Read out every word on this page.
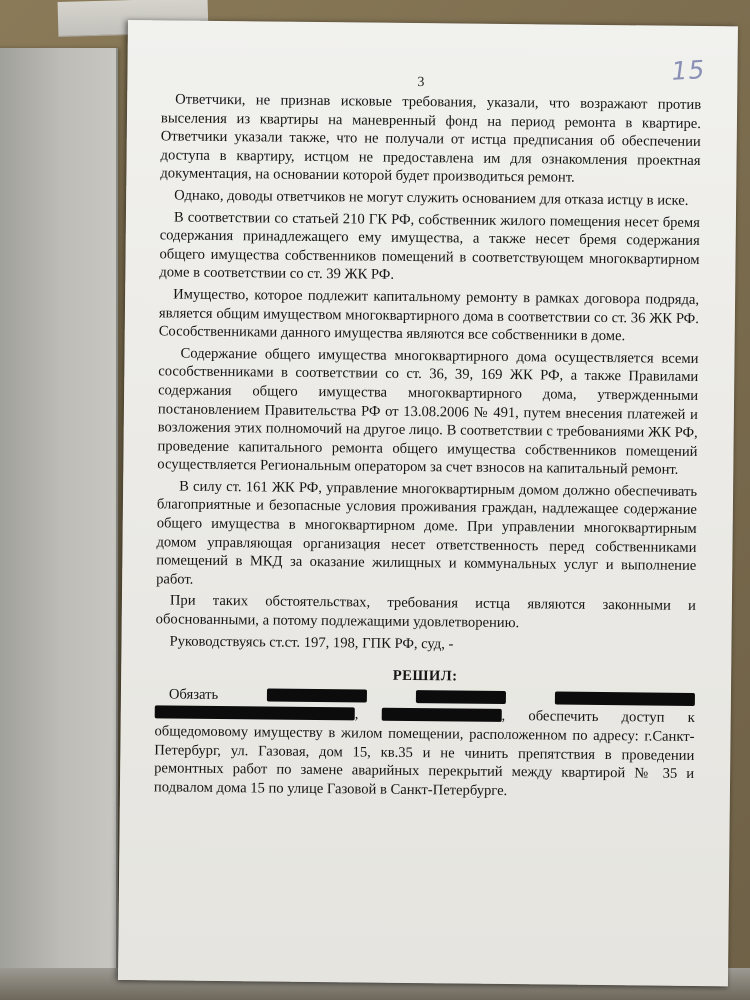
3	15

Ответчики, не признав исковые требования, указали, что возражают против выселения из квартиры на маневренный фонд на период ремонта в квартире. Ответчики указали также, что не получали от истца предписания об обеспечении доступа в квартиру, истцом не предоставлена им для ознакомления проектная документация, на основании которой будет производиться ремонт.

Однако, доводы ответчиков не могут служить основанием для отказа истцу в иске.

В соответствии со статьей 210 ГК РФ, собственник жилого помещения несет бремя содержания принадлежащего ему имущества, а также несет бремя содержания общего имущества собственников помещений в соответствующем многоквартирном доме в соответствии со ст. 39 ЖК РФ.

Имущество, которое подлежит капитальному ремонту в рамках договора подряда, является общим имуществом многоквартирного дома в соответствии со ст. 36 ЖК РФ. Сособственниками данного имущества являются все собственники в доме.

Содержание общего имущества многоквартирного дома осуществляется всеми сособственниками в соответствии со ст. 36, 39, 169 ЖК РФ, а также Правилами содержания общего имущества многоквартирного дома, утвержденными постановлением Правительства РФ от 13.08.2006 № 491, путем внесения платежей и возложения этих полномочий на другое лицо. В соответствии с требованиями ЖК РФ, проведение капитального ремонта общего имущества собственников помещений осуществляется Региональным оператором за счет взносов на капитальный ремонт.

В силу ст. 161 ЖК РФ, управление многоквартирным домом должно обеспечивать благоприятные и безопасные условия проживания граждан, надлежащее содержание общего имущества в многоквартирном доме. При управлении многоквартирным домом управляющая организация несет ответственность перед собственниками помещений в МКД за оказание жилищных и коммунальных услуг и выполнение работ.

При таких обстоятельствах, требования истца являются законными и обоснованными, а потому подлежащими удовлетворению.

Руководствуясь ст.ст. 197, 198, ГПК РФ, суд, -

РЕШИЛ:

Обязать    ,	, обеспечить доступ к общедомовому имуществу в жилом помещении, расположенном по адресу: г.Санкт-Петербург, ул. Газовая, дом 15, кв.35 и не чинить препятствия в проведении ремонтных работ по замене аварийных перекрытий между квартирой № 35 и подвалом дома 15 по улице Газовой в Санкт-Петербурге.
